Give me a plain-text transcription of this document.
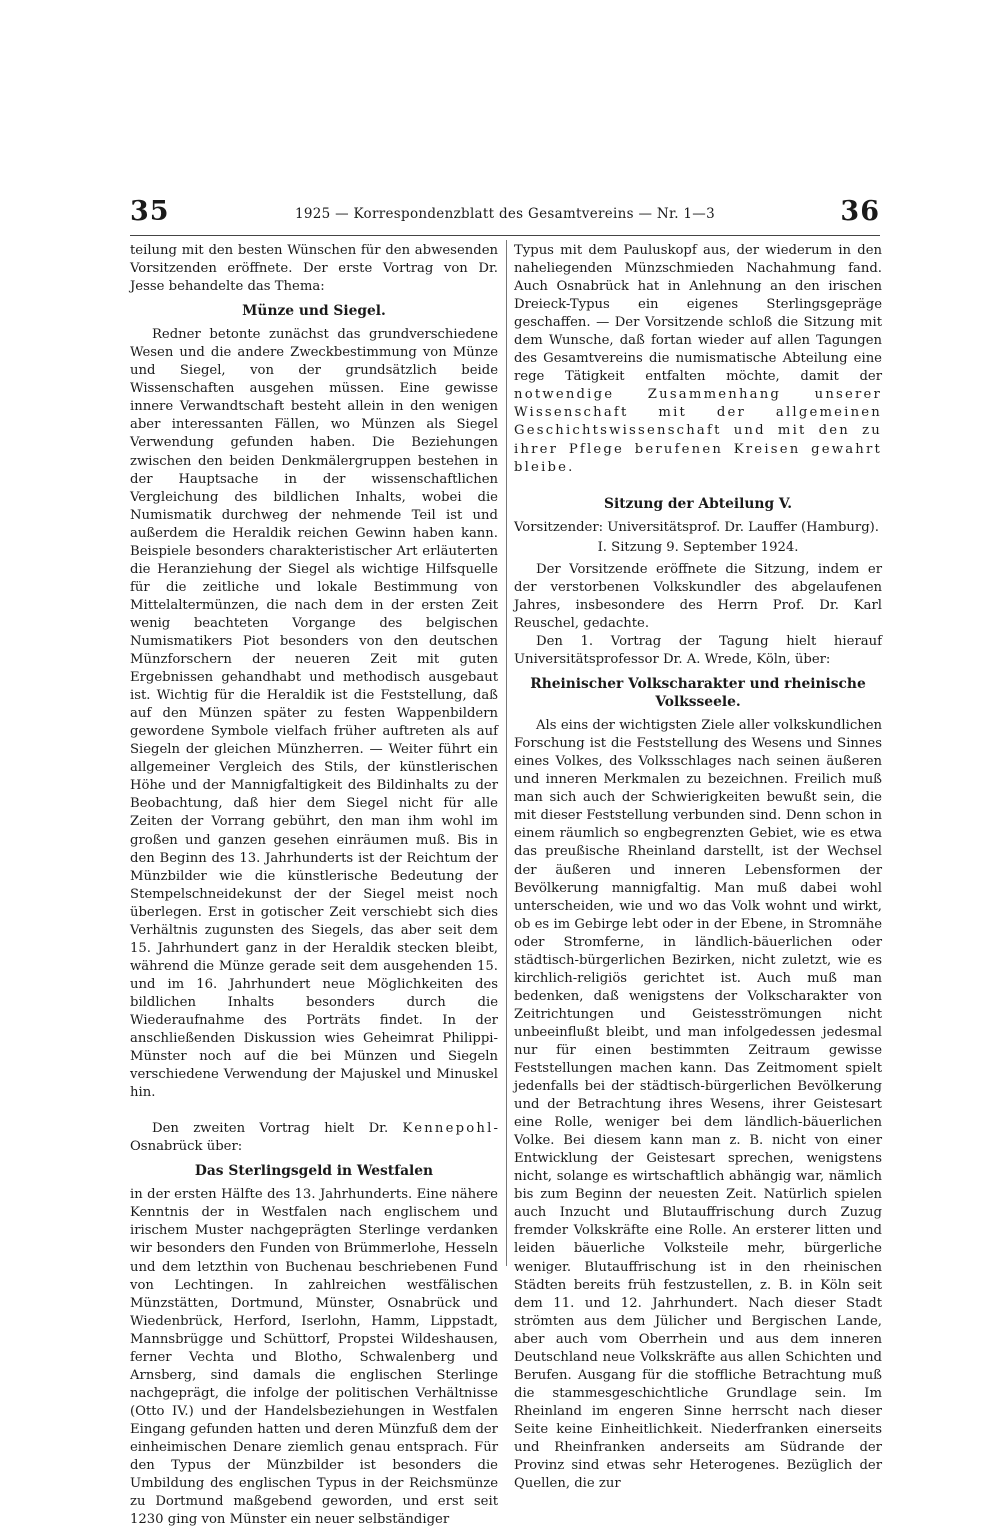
35	1925 — Korrespondenzblatt des Gesamtvereins — Nr. 1—3	36

teilung mit den besten Wünschen für den abwesenden Vorsitzenden eröffnete. Der erste Vortrag von Dr. Jesse behandelte das Thema:

Münze und Siegel.

Redner betonte zunächst das grundverschiedene Wesen und die andere Zweckbestimmung von Münze und Siegel, von der grundsätzlich beide Wissenschaften ausgehen müssen. Eine gewisse innere Verwandtschaft besteht allein in den wenigen aber interessanten Fällen, wo Münzen als Siegel Verwendung gefunden haben. Die Beziehungen zwischen den beiden Denkmälergruppen bestehen in der Hauptsache in der wissenschaftlichen Vergleichung des bildlichen Inhalts, wobei die Numismatik durchweg der nehmende Teil ist und außerdem die Heraldik reichen Gewinn haben kann. Beispiele besonders charakteristischer Art erläuterten die Heranziehung der Siegel als wichtige Hilfsquelle für die zeitliche und lokale Bestimmung von Mittelaltermünzen, die nach dem in der ersten Zeit wenig beachteten Vorgange des belgischen Numismatikers Piot besonders von den deutschen Münzforschern der neueren Zeit mit guten Ergebnissen gehandhabt und methodisch ausgebaut ist. Wichtig für die Heraldik ist die Feststellung, daß auf den Münzen später zu festen Wappenbildern gewordene Symbole vielfach früher auftreten als auf Siegeln der gleichen Münzherren. — Weiter führt ein allgemeiner Vergleich des Stils, der künstlerischen Höhe und der Mannigfaltigkeit des Bildinhalts zu der Beobachtung, daß hier dem Siegel nicht für alle Zeiten der Vorrang gebührt, den man ihm wohl im großen und ganzen gesehen einräumen muß. Bis in den Beginn des 13. Jahrhunderts ist der Reichtum der Münzbilder wie die künstlerische Bedeutung der Stempelschneidekunst der der Siegel meist noch überlegen. Erst in gotischer Zeit verschiebt sich dies Verhältnis zugunsten des Siegels, das aber seit dem 15. Jahrhundert ganz in der Heraldik stecken bleibt, während die Münze gerade seit dem ausgehenden 15. und im 16. Jahrhundert neue Möglichkeiten des bildlichen Inhalts besonders durch die Wiederaufnahme des Porträts findet. In der anschließenden Diskussion wies Geheimrat Philippi-Münster noch auf die bei Münzen und Siegeln verschiedene Verwendung der Majuskel und Minuskel hin.

Den zweiten Vortrag hielt Dr. Kennepohl-Osnabrück über:

Das Sterlingsgeld in Westfalen

in der ersten Hälfte des 13. Jahrhunderts. Eine nähere Kenntnis der in Westfalen nach englischem und irischem Muster nachgeprägten Sterlinge verdanken wir besonders den Funden von Brümmerlohe, Hesseln und dem letzthin von Buchenau beschriebenen Fund von Lechtingen. In zahlreichen westfälischen Münzstätten, Dortmund, Münster, Osnabrück und Wiedenbrück, Herford, Iserlohn, Hamm, Lippstadt, Mannsbrügge und Schüttorf, Propstei Wildeshausen, ferner Vechta und Blotho, Schwalenberg und Arnsberg, sind damals die englischen Sterlinge nachgeprägt, die infolge der politischen Verhältnisse (Otto IV.) und der Handelsbeziehungen in Westfalen Eingang gefunden hatten und deren Münzfuß dem der einheimischen Denare ziemlich genau entsprach. Für den Typus der Münzbilder ist besonders die Umbildung des englischen Typus in der Reichsmünze zu Dortmund maßgebend geworden, und erst seit 1230 ging von Münster ein neuer selbständiger

Typus mit dem Pauluskopf aus, der wiederum in den naheliegenden Münzschmieden Nachahmung fand. Auch Osnabrück hat in Anlehnung an den irischen Dreieck-Typus ein eigenes Sterlingsgepräge geschaffen. — Der Vorsitzende schloß die Sitzung mit dem Wunsche, daß fortan wieder auf allen Tagungen des Gesamtvereins die numismatische Abteilung eine rege Tätigkeit entfalten möchte, damit der notwendige Zusammenhang unserer Wissenschaft mit der allgemeinen Geschichtswissenschaft und mit den zu ihrer Pflege berufenen Kreisen gewahrt bleibe.

Sitzung der Abteilung V.

Vorsitzender: Universitätsprof. Dr. Lauffer (Hamburg).

I. Sitzung 9. September 1924.

Der Vorsitzende eröffnete die Sitzung, indem er der verstorbenen Volkskundler des abgelaufenen Jahres, insbesondere des Herrn Prof. Dr. Karl Reuschel, gedachte.

Den 1. Vortrag der Tagung hielt hierauf Universitätsprofessor Dr. A. Wrede, Köln, über:

Rheinischer Volkscharakter und rheinische Volksseele.

Als eins der wichtigsten Ziele aller volkskundlichen Forschung ist die Feststellung des Wesens und Sinnes eines Volkes, des Volksschlages nach seinen äußeren und inneren Merkmalen zu bezeichnen. Freilich muß man sich auch der Schwierigkeiten bewußt sein, die mit dieser Feststellung verbunden sind. Denn schon in einem räumlich so engbegrenzten Gebiet, wie es etwa das preußische Rheinland darstellt, ist der Wechsel der äußeren und inneren Lebensformen der Bevölkerung mannigfaltig. Man muß dabei wohl unterscheiden, wie und wo das Volk wohnt und wirkt, ob es im Gebirge lebt oder in der Ebene, in Stromnähe oder Stromferne, in ländlich-bäuerlichen oder städtisch-bürgerlichen Bezirken, nicht zuletzt, wie es kirchlich-religiös gerichtet ist. Auch muß man bedenken, daß wenigstens der Volkscharakter von Zeitrichtungen und Geistesströmungen nicht unbeeinflußt bleibt, und man infolgedessen jedesmal nur für einen bestimmten Zeitraum gewisse Feststellungen machen kann. Das Zeitmoment spielt jedenfalls bei der städtisch-bürgerlichen Bevölkerung und der Betrachtung ihres Wesens, ihrer Geistesart eine Rolle, weniger bei dem ländlich-bäuerlichen Volke. Bei diesem kann man z. B. nicht von einer Entwicklung der Geistesart sprechen, wenigstens nicht, solange es wirtschaftlich abhängig war, nämlich bis zum Beginn der neuesten Zeit. Natürlich spielen auch Inzucht und Blutauffrischung durch Zuzug fremder Volkskräfte eine Rolle. An ersterer litten und leiden bäuerliche Volksteile mehr, bürgerliche weniger. Blutauffrischung ist in den rheinischen Städten bereits früh festzustellen, z. B. in Köln seit dem 11. und 12. Jahrhundert. Nach dieser Stadt strömten aus dem Jülicher und Bergischen Lande, aber auch vom Oberrhein und aus dem inneren Deutschland neue Volkskräfte aus allen Schichten und Berufen. Ausgang für die stoffliche Betrachtung muß die stammesgeschichtliche Grundlage sein. Im Rheinland im engeren Sinne herrscht nach dieser Seite keine Einheitlichkeit. Niederfranken einerseits und Rheinfranken anderseits am Südrande der Provinz sind etwas sehr Heterogenes. Bezüglich der Quellen, die zur
